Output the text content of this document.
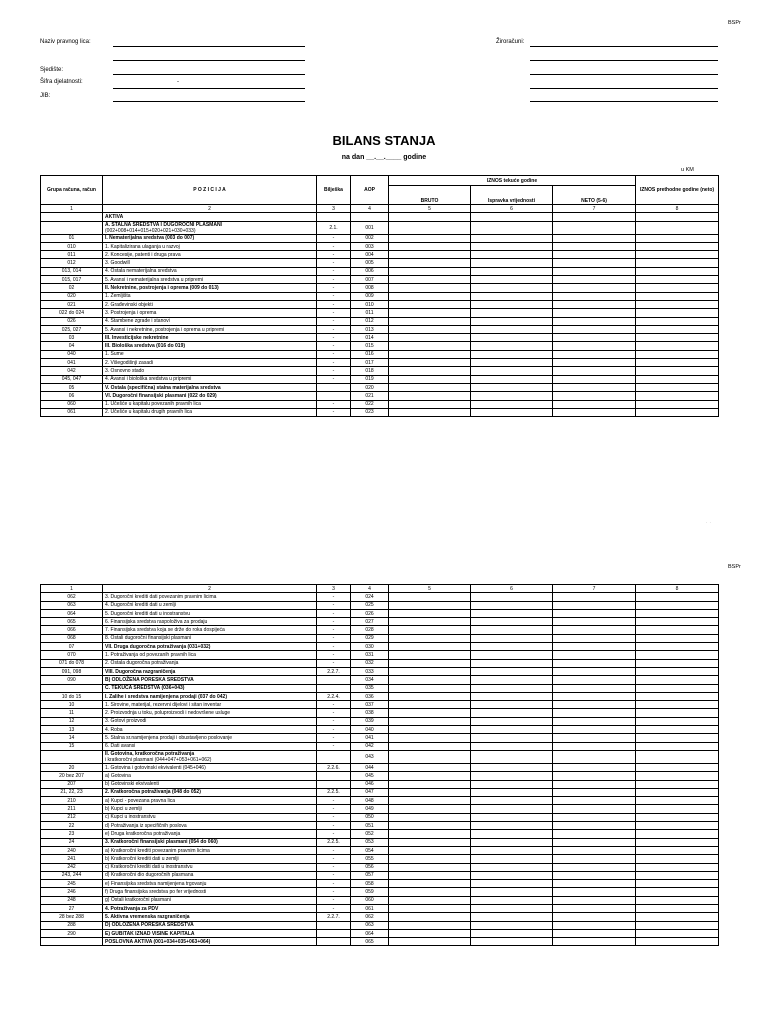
BSPr
Naziv pravnog lica:	Žiroračuni:
Sjedište:
Šifra djelatnosti:	-
JIB:
BILANS STANJA
na dan __.__.____ godine
u KM
Grupa računa, račun	P O Z I C I J A	Bilješka	AOP	IZNOS tekuće godine			IZNOS prethodne godine (neto)
				BRUTO	Ispravka vrijednosti	NETO (5-6)	
1	2	3	4	5	6	7	8
	AKTIVA						

	A. STALNA SREDSTVA I DUGOROČNI PLASMANI
(002+008+014+015+020+021+030+033)	2.1.	001				
01	I. Nematerijalna sredstva (003 do 007)	-	002				
010	1. Kapitalizirana ulaganja u razvoj	-	003				
011	2. Koncesije, patenti i druga prava	-	004				
012	3. Goodwill	-	005				
013, 014	4. Ostala nematerijalna sredstva	-	006				
015, 017	5. Avansi i nematerijalna sredstva u pripremi	-	007				
02	II. Nekretnine, postrojenja i oprema (009 do 013)	-	008				
020	1. Zemljišta	-	009				
021	2. Građevinski objekti	-	010				
022 do 024	3. Postrojenja i oprema	-	011				
026	4. Stambene zgrade i stanovi	-	012				
025, 027	5. Avansi i nekretnine, postrojenja i oprema u pripremi	-	013				
03	III. Investicijske nekretnine	-	014				
04	III. Biološka sredstva (016 do 019)	-	015				
040	1. Šume	-	016				
041	2. Višegodišnji zasadi	-	017				
042	3. Osnovno stado	-	018				
045, 047	4. Avansi i biološka sredstva u pripremi	-	019				
05	V. Ostala (specifična) stalna materijalna sredstva		020				
06	VI. Dugoročni finansijski plasmani (022 do 029)		021				
060	1. Učešće u kapitalu povezanih pravnih lica	-	022				
061	2. Učešće u kapitalu drugih pravnih lica	-	023				
·  ·
BSPr
1	2	3	4	5	6	7	8
062	3. Dugoročni krediti dati povezanim pravnim licima	-	024				
063	4. Dugoročni krediti dati u zemlji	-	025				
064	5. Dugoročni krediti dati u inostranstvu	-	026				
065	6. Finansijska sredstva raspoloživa za prodaju	-	027				
066	7. Finansijska sredstva koja se drže do roka dospijeća	-	028				
068	8. Ostali dugoročni finansijski plasmani	-	029				
07	VII. Druga dugoročna potraživanja (031+032)	-	030				
070	1. Potraživanja od povezanih pravnih lica	-	031				
071 do 078	2. Ostala dugoročna potraživanja	-	032				
091, 098	VIII. Dugoročna razgraničenja	2.2.7.	033				
090	B) ODLOŽENA PORESKA SREDSTVA		034				
	C. TEKUĆA SREDSTVA (036+043)		035				
10 do 15	I. Zalihe i sredstva namijenjena prodaji (037 do 042)	2.2.4.	036				
10	1. Sirovine, materijal, rezervni dijelovi i sitan inventar	-	037				
11	2. Proizvodnja u toku, poluproizvodi i nedovršene usluge	-	038				
12	3. Gotovi proizvodi	-	039				
13	4. Roba	-	040				
14	5. Stalna sr.namijenjena prodaji i obustavljeno poslovanje	-	041				
15	6. Dati avansi	-	042				

	II. Gotovina, kratkoročna potraživanja
i kratkoročni plasmani (044+047+053+061+062)		043				
20	1. Gotovina i gotovinski ekvivalenti (045+046)	2.2.6.	044				
20 bez 207	a) Gotovina		045				
207	b) Gotovinski ekvivalenti		046				
21, 22, 23	2. Kratkoročna potraživanja (048 do 052)	2.2.5.	047				
210	a) Kupci - povezana pravna lica	-	048				
211	b) Kupci u zemlji	-	049				
212	c) Kupci u inostranstvu	-	050				
22	d) Potraživanja iz specifičnih poslova	-	051				
23	e) Druga kratkoročna potraživanja	-	052				
24	3. Kratkoročni finansijski plasmani (054 do 060)	2.2.5.	053				
240	a) Kratkoročni krediti povezanim pravnim licima	-	054				
241	b) Kratkoročni krediti dati u zemlji	-	055				
242	c) Kratkoročni krediti dati u inostranstvu	-	056				
243, 244	d) Kratkoročni dio dugoročnih plasmana	-	057				
245	e) Finansijska sredstva namijenjena trgovanju	-	058				
246	f) Druga finansijska sredstva po fer vrijednosti	-	059				
248	g) Ostali kratkoročni plasmani	-	060				
27	4. Potraživanja za PDV	-	061				
28 bez 288	5. Aktivna vremenska razgraničenja	2.2.7.	062				
288	D) ODLOŽENA PORESKA SREDSTVA		063				
290	E) GUBITAK IZNAD VISINE KAPITALA		064				
	POSLOVNA AKTIVA (001+034+035+063+064)		065				
